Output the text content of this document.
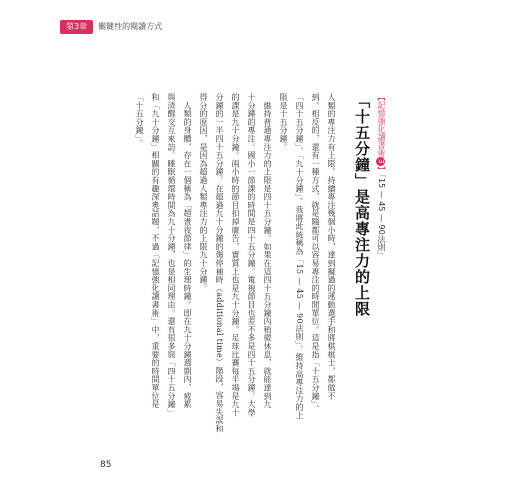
第3章	關鍵性的閱讀方式
【記憶強化讀書術3】「15 — 45 — 90法則」
「十五分鐘」是高專注力的上限
人類的專注力有上限。持續專注幾個小時，達到擬過的運動選手和將棋棋士，都做不
到。相反的，還有一種方式，就是隨都可以容易專注的時間單位。這是指「十五分鐘」、
「四十五分鐘」、「九十分鐘」。我將此統稱為「15 — 45 — 90法則」。維持高專注力的上
限是十五分鐘。
　維持普通專注力的上限是四十五分鐘。如果在這四十五分鐘內稍微休息，就能達到九
十分鐘的專注。國小一節課的時間是四十五分鐘。電視節目也差不多是四十五分鐘。大學
的課是九十分鐘。兩小時的節目扣掉廣告，實質上也是九十分鐘。足球比賽每半場是九十
分鐘的一半四十五分鐘。在超過九十分鐘的傷停補時（additional time）階段，容易失誤和
得分的原因，是因為超過人類專注力的上限九十分鐘。
　人類的身體，存在一個稱為「超晝夜節律」的生理時鐘。即在九十分鐘週期內，疲累
與清醒交互來訪。睡眠循環時間為九十分鐘，也是相同理由。還有很多與「四十五分鐘」
和「九十分鐘」相關的有趣深奧話題，不過「記憶強化讀書術」中，重要的時間單位是
「十五分鐘」。
85
